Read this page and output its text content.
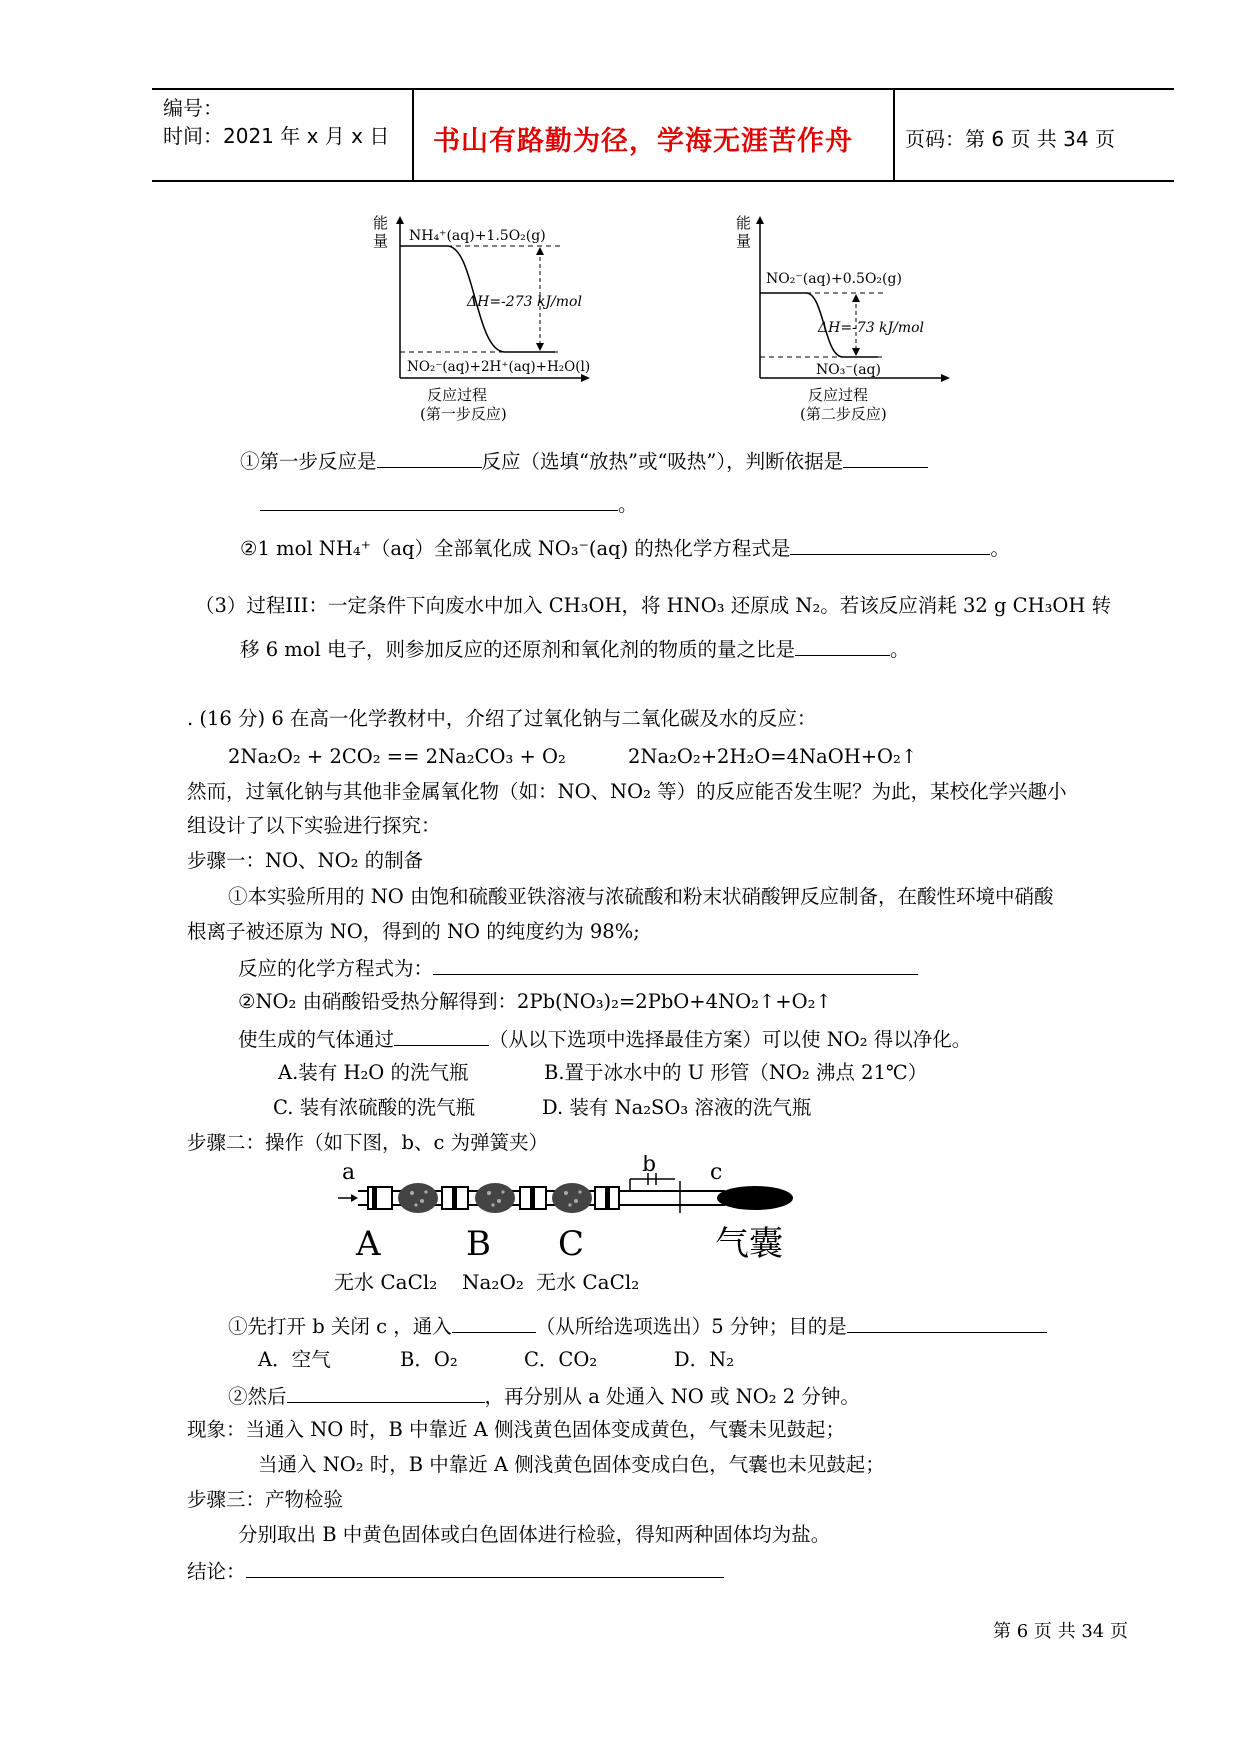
编号：
时间：2021 年 x 月 x 日 书山有路勤为径，学海无涯苦作舟	页码：第 6 页 共 34 页
能
量 NH₄⁺(aq)+1.5O₂(g)
NO₂⁻(aq)+2H⁺(aq)+H₂O(l)
ΔH=-273 kJ/mol
反应过程
(第一步反应)
能
量
NO₂⁻(aq)+0.5O₂(g)
NO₃⁻(aq)
ΔH=-73 kJ/mol
反应过程
(第二步反应)
①第一步反应是	反应（选填“放热”或“吸热”），判断依据是
。
②1 mol NH₄⁺（aq）全部氧化成 NO₃⁻(aq) 的热化学方程式是	。
（3）过程III：一定条件下向废水中加入 CH₃OH，将 HNO₃ 还原成 N₂。若该反应消耗 32 g CH₃OH 转
移 6 mol 电子，则参加反应的还原剂和氧化剂的物质的量之比是	。
. (16 分) 6 在高一化学教材中，介绍了过氧化钠与二氧化碳及水的反应：
2Na₂O₂ + 2CO₂ == 2Na₂CO₃ + O₂	2Na₂O₂+2H₂O=4NaOH+O₂↑
然而，过氧化钠与其他非金属氧化物（如：NO、NO₂ 等）的反应能否发生呢？为此，某校化学兴趣小
组设计了以下实验进行探究：
步骤一：NO、NO₂ 的制备
①本实验所用的 NO 由饱和硫酸亚铁溶液与浓硫酸和粉末状硝酸钾反应制备，在酸性环境中硝酸
根离子被还原为 NO，得到的 NO 的纯度约为 98%;
反应的化学方程式为：
②NO₂ 由硝酸铅受热分解得到：2Pb(NO₃)₂=2PbO+4NO₂↑+O₂↑
使生成的气体通过	（从以下选项中选择最佳方案）可以使 NO₂ 得以净化。
A.装有 H₂O 的洗气瓶	B.置于冰水中的 U 形管（NO₂ 沸点 21℃）
C. 装有浓硫酸的洗气瓶	D. 装有 Na₂SO₃ 溶液的洗气瓶
步骤二：操作（如下图，b、c 为弹簧夹）
a	b c
A	B C	气囊
无水 CaCl₂ Na₂O₂ 无水 CaCl₂
①先打开 b 关闭 c ，通入	（从所给选项选出）5 分钟；目的是
A．空气	B．O₂	C．CO₂	D．N₂
②然后	，再分别从 a 处通入 NO 或 NO₂ 2 分钟。
现象：当通入 NO 时，B 中靠近 A 侧浅黄色固体变成黄色，气囊未见鼓起；
当通入 NO₂ 时，B 中靠近 A 侧浅黄色固体变成白色，气囊也未见鼓起；
步骤三：产物检验
分别取出 B 中黄色固体或白色固体进行检验，得知两种固体均为盐。
结论：
第 6 页 共 34 页
